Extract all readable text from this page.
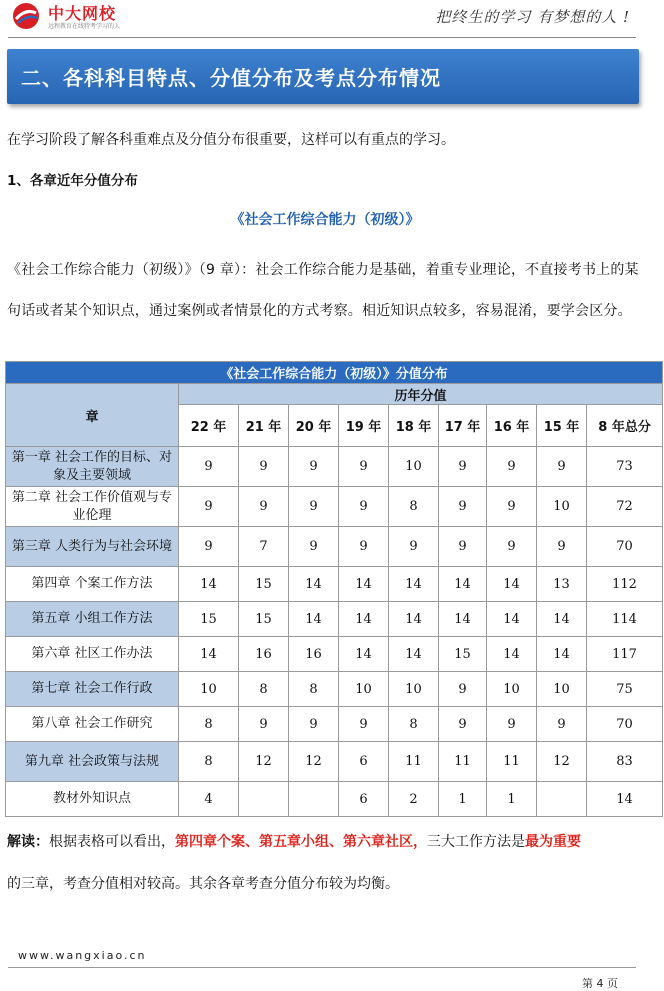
中大网校
远程教育在线特考学习的人
把终生的学习 有梦想的人 !
二、各科科目特点、分值分布及考点分布情况
在学习阶段了解各科重难点及分值分布很重要，这样可以有重点的学习。
1、各章近年分值分布
《社会工作综合能力（初级）》
《社会工作综合能力（初级）》（9 章）：社会工作综合能力是基础，着重专业理论，不直接考书上的某句话或者某个知识点，通过案例或者情景化的方式考察。相近知识点较多，容易混淆，要学会区分。
《社会工作综合能力（初级）》分值分布									
章	历年分值								
	22 年	21 年	20 年	19 年	18 年	17 年	16 年	15 年	8 年总分
第一章 社会工作的目标、对象及主要领域	9	9	9	9	10	9	9	9	73
第二章 社会工作价值观与专业伦理	9	9	9	9	8	9	9	10	72
第三章 人类行为与社会环境	9	7	9	9	9	9	9	9	70
第四章 个案工作方法	14	15	14	14	14	14	14	13	112
第五章 小组工作方法	15	15	14	14	14	14	14	14	114
第六章 社区工作办法	14	16	16	14	14	15	14	14	117
第七章 社会工作行政	10	8	8	10	10	9	10	10	75
第八章 社会工作研究	8	9	9	9	8	9	9	9	70
第九章 社会政策与法规	8	12	12	6	11	11	11	12	83
教材外知识点	4			6	2	1	1		14
解读：根据表格可以看出，第四章个案、第五章小组、第六章社区，三大工作方法是最为重要
的三章，考查分值相对较高。其余各章考查分值分布较为均衡。
www.wangxiao.cn
第 4 页
